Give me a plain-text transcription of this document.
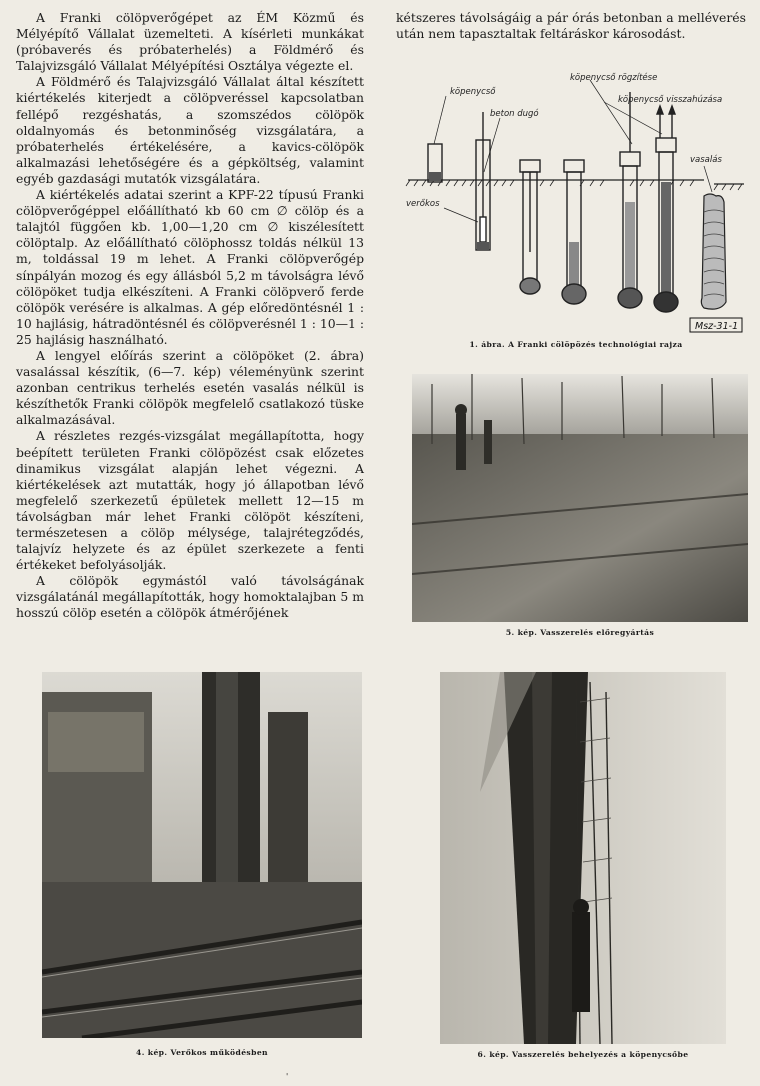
A Franki cölöpverőgépet az ÉM Közmű és Mélyépítő Vállalat üzemelteti. A kísérleti munkákat (próbaverés és próbaterhelés) a Földmérő és Talajvizsgáló Vállalat Mélyépítési Osztálya végezte el.

A Földmérő és Talajvizsgáló Vállalat által készített kiértékelés kiterjedt a cölöpveréssel kapcsolatban fellépő rezgéshatás, a szomszédos cölöpök oldalnyomás és betonminőség vizsgálatára, a próbaterhelés értékelésére, a kavics-cölöpök alkalmazási lehetőségére és a gépköltség, valamint egyéb gazdasági mutatók vizsgálatára.

A kiértékelés adatai szerint a KPF-22 típusú Franki cölöpverőgéppel előállítható kb 60 cm ∅ cölöp és a talajtól függően kb. 1,00—1,20 cm ∅ kiszélesített cölöptalp. Az előállítható cölöphossz toldás nélkül 13 m, toldással 19 m lehet. A Franki cölöpverőgép sínpályán mozog és egy állásból 5,2 m távolságra lévő cölöpöket tudja elkészíteni. A Franki cölöpverő ferde cölöpök verésére is alkalmas. A gép előredöntésnél 1 : 10 hajlásig, hátradöntésnél és cölöpverésnél 1 : 10—1 : 25 hajlásig használható.

A lengyel előírás szerint a cölöpöket (2. ábra) vasalással készítik, (6—7. kép) véleményünk szerint azonban centrikus terhelés esetén vasalás nélkül is készíthetők Franki cölöpök megfelelő csatlakozó tüske alkalmazásával.

A részletes rezgés-vizsgálat megállapította, hogy beépített területen Franki cölöpözést csak előzetes dinamikus vizsgálat alapján lehet végezni. A kiértékelések azt mutatták, hogy jó állapotban lévő megfelelő szerkezetű épületek mellett 12—15 m távolságban már lehet Franki cölöpöt készíteni, természetesen a cölöp mélysége, talajrétegződés, talajvíz helyzete és az épület szerkezete a fenti értékeket befolyásolják.

A cölöpök egymástól való távolságának vizsgálatánál megállapították, hogy homoktalajban 5 m hosszú cölöp esetén a cölöpök átmérőjének

kétszeres távolságáig a pár órás betonban a melléverés után nem tapasztaltak feltáráskor károsodást.

köpenycső
beton dugó
verőkos
köpenycső rögzítése
köpenycső visszahúzása
vasalás
Msz-31-1
1. ábra. A Franki cölöpözés technológiai rajza
5. kép. Vasszerelés előregyártás
4. kép. Verőkos működésben	6. kép. Vasszerelés behelyezés a köpenycsőbe
'
